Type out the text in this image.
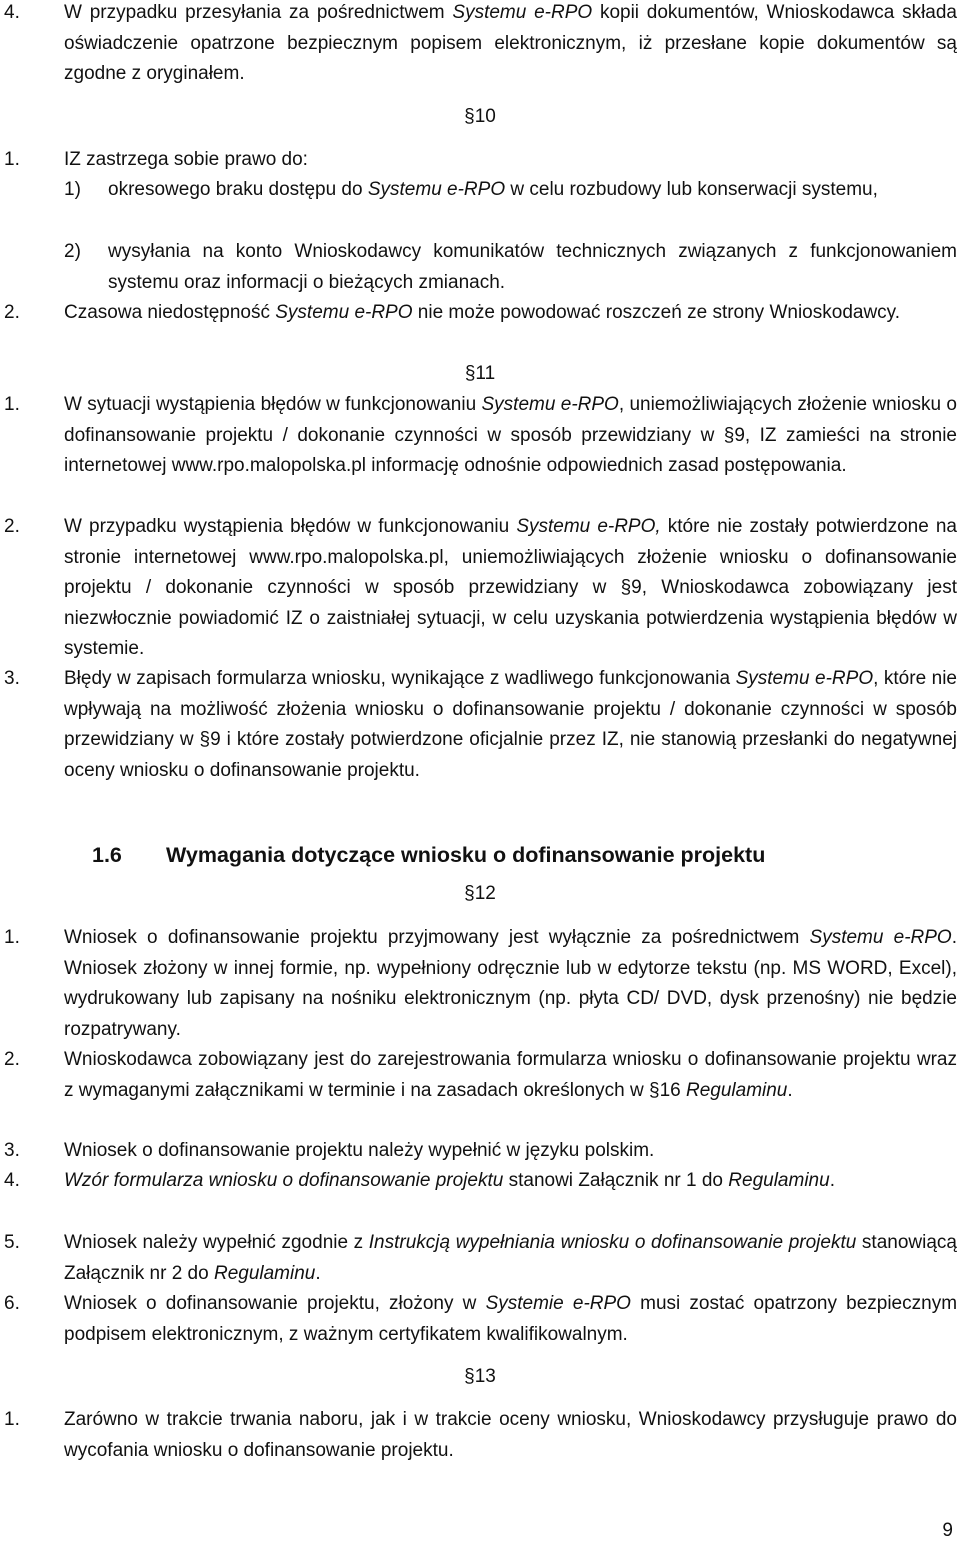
4. W przypadku przesyłania za pośrednictwem Systemu e-RPO kopii dokumentów, Wnioskodawca składa oświadczenie opatrzone bezpiecznym popisem elektronicznym, iż przesłane kopie dokumentów są zgodne z oryginałem.
§10
1. IZ zastrzega sobie prawo do:
1) okresowego braku dostępu do Systemu e-RPO w celu rozbudowy lub konserwacji systemu,
2) wysyłania na konto Wnioskodawcy komunikatów technicznych związanych z funkcjonowaniem systemu oraz informacji o bieżących zmianach.
2. Czasowa niedostępność Systemu e-RPO nie może powodować roszczeń ze strony Wnioskodawcy.
§11
1. W sytuacji wystąpienia błędów w funkcjonowaniu Systemu e-RPO, uniemożliwiających złożenie wniosku o dofinansowanie projektu / dokonanie czynności w sposób przewidziany w §9, IZ zamieści na stronie internetowej www.rpo.malopolska.pl informację odnośnie odpowiednich zasad postępowania.
2. W przypadku wystąpienia błędów w funkcjonowaniu Systemu e-RPO, które nie zostały potwierdzone na stronie internetowej www.rpo.malopolska.pl, uniemożliwiających złożenie wniosku o dofinansowanie projektu / dokonanie czynności w sposób przewidziany w §9, Wnioskodawca zobowiązany jest niezwłocznie powiadomić IZ o zaistniałej sytuacji, w celu uzyskania potwierdzenia wystąpienia błędów w systemie.
3. Błędy w zapisach formularza wniosku, wynikające z wadliwego funkcjonowania Systemu e-RPO, które nie wpływają na możliwość złożenia wniosku o dofinansowanie projektu / dokonanie czynności w sposób przewidziany w §9 i które zostały potwierdzone oficjalnie przez IZ, nie stanowią przesłanki do negatywnej oceny wniosku o dofinansowanie projektu.
1.6 Wymagania dotyczące wniosku o dofinansowanie projektu
§12
1. Wniosek o dofinansowanie projektu przyjmowany jest wyłącznie za pośrednictwem Systemu e-RPO. Wniosek złożony w innej formie, np. wypełniony odręcznie lub w edytorze tekstu (np. MS WORD, Excel), wydrukowany lub zapisany na nośniku elektronicznym (np. płyta CD/ DVD, dysk przenośny) nie będzie rozpatrywany.
2. Wnioskodawca zobowiązany jest do zarejestrowania formularza wniosku o dofinansowanie projektu wraz z wymaganymi załącznikami w terminie i na zasadach określonych w §16 Regulaminu.
3. Wniosek o dofinansowanie projektu należy wypełnić w języku polskim.
4. Wzór formularza wniosku o dofinansowanie projektu stanowi Załącznik nr 1 do Regulaminu.
5. Wniosek należy wypełnić zgodnie z Instrukcją wypełniania wniosku o dofinansowanie projektu stanowiącą Załącznik nr 2 do Regulaminu.
6. Wniosek o dofinansowanie projektu, złożony w Systemie e-RPO musi zostać opatrzony bezpiecznym podpisem elektronicznym, z ważnym certyfikatem kwalifikowalnym.
§13
1. Zarówno w trakcie trwania naboru, jak i w trakcie oceny wniosku, Wnioskodawcy przysługuje prawo do wycofania wniosku o dofinansowanie projektu.
9
